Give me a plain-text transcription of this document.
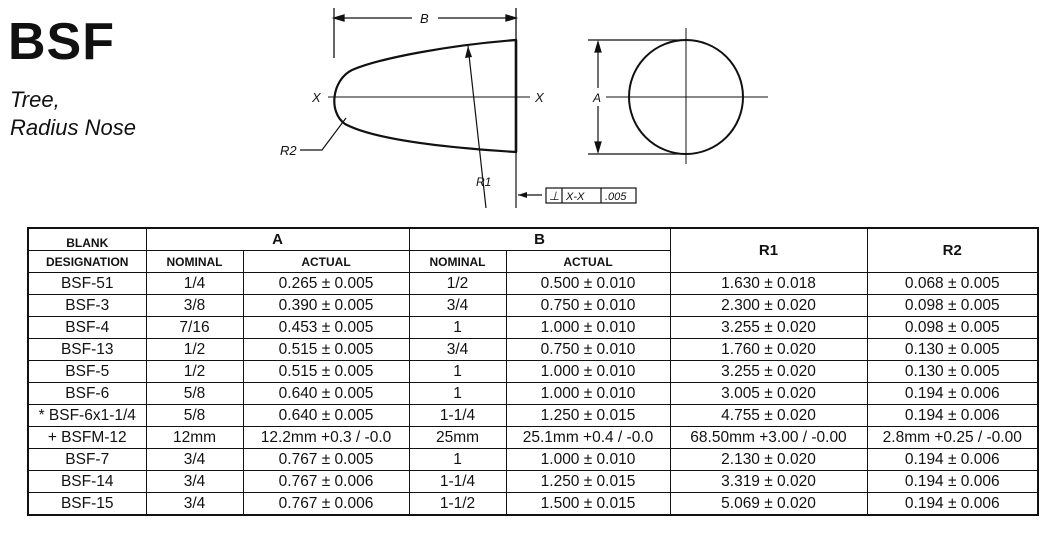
BSF
Tree,
Radius Nose
B
X	X
R2
R1
⊥ X-X .005
A
BLANK	A		B		R1	R2
DESIGNATION	NOMINAL	ACTUAL	NOMINAL	ACTUAL		
BSF-51	1/4	0.265 ± 0.005	1/2	0.500 ± 0.010	1.630 ± 0.018	0.068 ± 0.005
BSF-3	3/8	0.390 ± 0.005	3/4	0.750 ± 0.010	2.300 ± 0.020	0.098 ± 0.005
BSF-4	7/16	0.453 ± 0.005	1	1.000 ± 0.010	3.255 ± 0.020	0.098 ± 0.005
BSF-13	1/2	0.515 ± 0.005	3/4	0.750 ± 0.010	1.760 ± 0.020	0.130 ± 0.005
BSF-5	1/2	0.515 ± 0.005	1	1.000 ± 0.010	3.255 ± 0.020	0.130 ± 0.005
BSF-6	5/8	0.640 ± 0.005	1	1.000 ± 0.010	3.005 ± 0.020	0.194 ± 0.006
* BSF-6x1-1/4	5/8	0.640 ± 0.005	1-1/4	1.250 ± 0.015	4.755 ± 0.020	0.194 ± 0.006
+ BSFM-12	12mm	12.2mm +0.3 / -0.0	25mm	25.1mm +0.4 / -0.0	68.50mm +3.00 / -0.00	2.8mm +0.25 / -0.00
BSF-7	3/4	0.767 ± 0.005	1	1.000 ± 0.010	2.130 ± 0.020	0.194 ± 0.006
BSF-14	3/4	0.767 ± 0.006	1-1/4	1.250 ± 0.015	3.319 ± 0.020	0.194 ± 0.006
BSF-15	3/4	0.767 ± 0.006	1-1/2	1.500 ± 0.015	5.069 ± 0.020	0.194 ± 0.006
